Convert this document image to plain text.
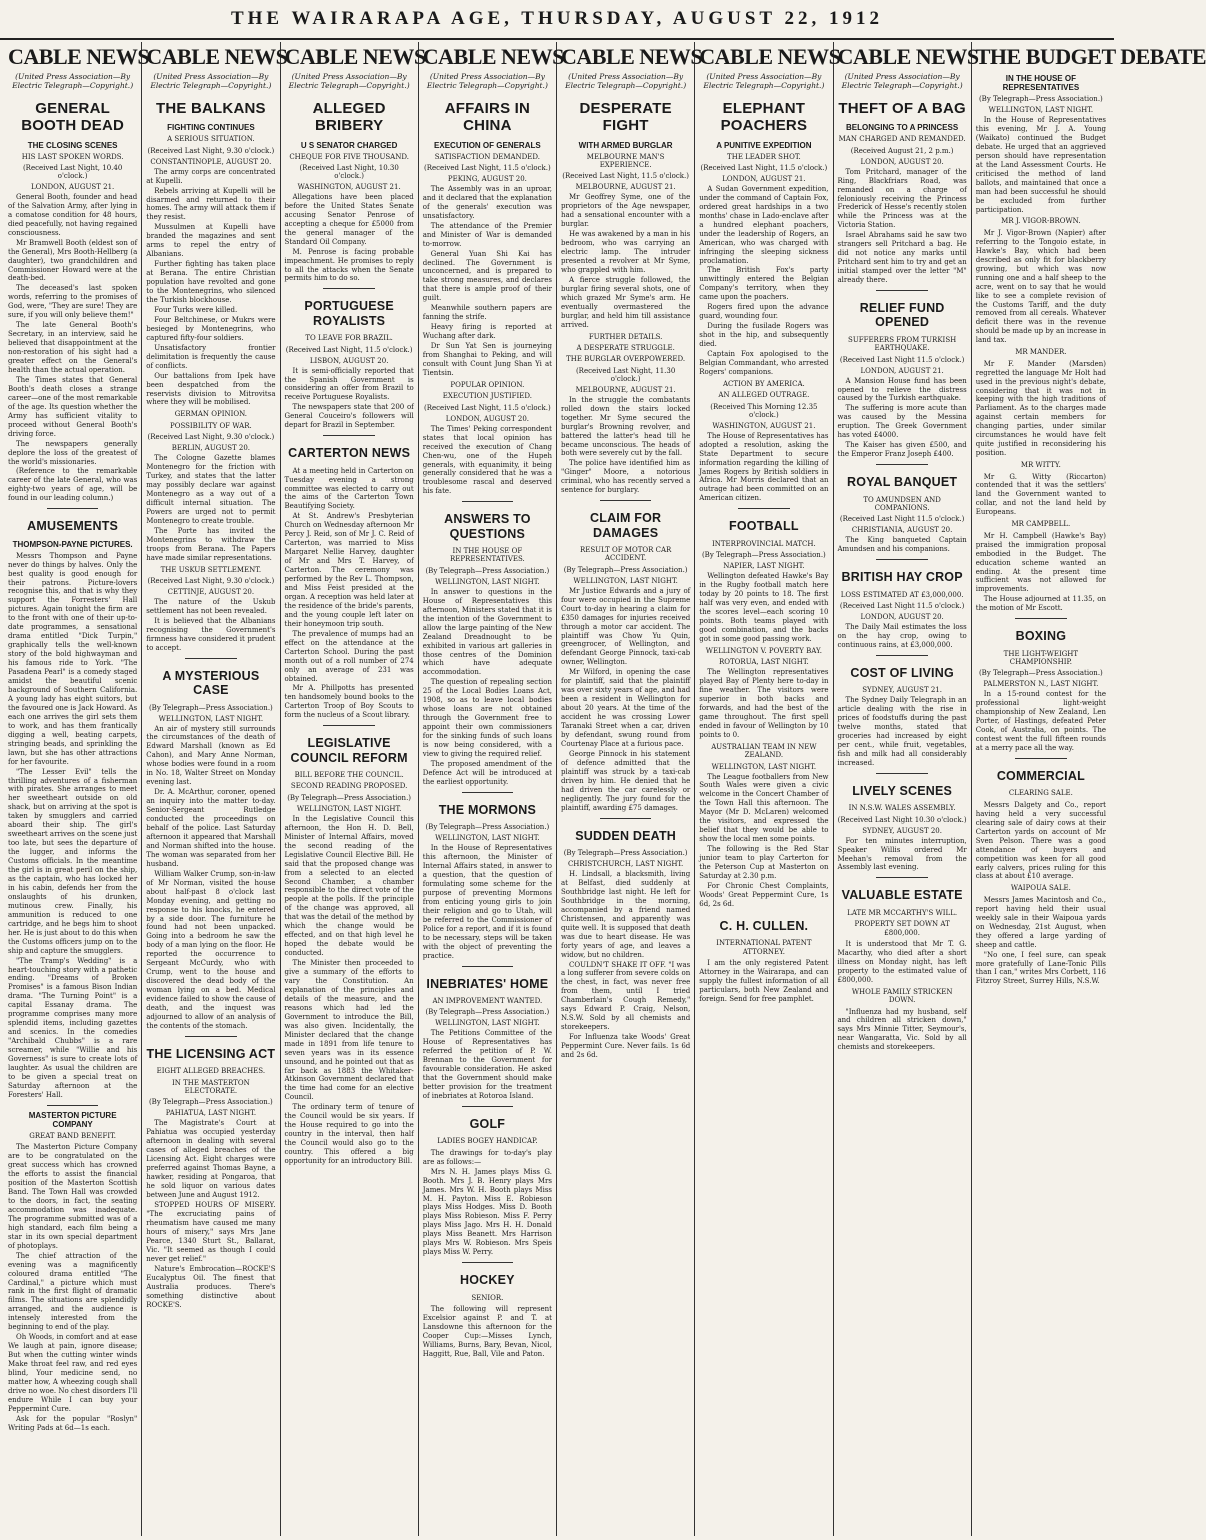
THE WAIRARAPA AGE, THURSDAY, AUGUST 22, 1912
CABLE NEWS
(United Press Association—By Electric Telegraph—Copyright.)
GENERAL BOOTH DEAD
THE CLOSING SCENES
HIS LAST SPOKEN WORDS.
(Received Last Night, 10.40 o'clock.)
LONDON, AUGUST 21.
General Booth, founder and head of the Salvation Army, after lying in a comatose condition for 48 hours, died peacefully, not having regained consciousness.
Mr Bramwell Booth (eldest son of the General), Mrs Booth-Hellberg (a daughter), two grandchildren and Commissioner Howard were at the death-bed.
The deceased's last spoken words, referring to the promises of God, were, "They are sure! They are sure, if you will only believe them!"
The late General Booth's Secretary, in an interview, said he believed that disappointment at the non-restoration of his sight had a greater effect on the General's health than the actual operation.
The Times states that General Booth's death closes a strange career—one of the most remarkable of the age. Its question whether the Army has sufficient vitality to proceed without General Booth's driving force.
The newspapers generally deplore the loss of the greatest of the world's missionaries.
(Reference to the remarkable career of the late General, who was eighty-two years of age, will be found in our leading column.)
AMUSEMENTS
THOMPSON-PAYNE PICTURES.
Messrs Thompson and Payne never do things by halves. Only the best quality is good enough for their patrons. Picture-lovers recognise this, and that is why they support the Forresters' Hall pictures. Again tonight the firm are to the front with one of their up-to-date programmes, a sensational drama entitled "Dick Turpin," graphically tells the well-known story of the bold highwayman and his famous ride to York. "The Pasadena Pearl" is a comedy staged amidst the beautiful scenic background of Southern California. A young lady has eight suitors, but the favoured one is Jack Howard. As each one arrives the girl sets them to work, and has them frantically digging a well, beating carpets, stringing beads, and sprinkling the lawn, but she has other attractions for her favourite.
"The Lesser Evil" tells the thrilling adventures of a fisherman with pirates. She arranges to meet her sweetheart outside on old shack, but on arriving at the spot is taken by smugglers and carried aboard their ship. The girl's sweetheart arrives on the scene just too late, but sees the departure of the lugger, and informs the Customs officials. In the meantime the girl is in great peril on the ship, as the captain, who has locked her in his cabin, defends her from the onslaughts of his drunken, mutinous crew. Finally, his ammunition is reduced to one cartridge, and he begs him to shoot her. He is just about to do this when the Customs officers jump on to the ship and capture the smugglers.
"The Tramp's Wedding" is a heart-touching story with a pathetic ending. "Dreams of Broken Promises" is a famous Bison Indian drama. "The Turning Point" is a capital Essanay drama. The programme comprises many more splendid items, including gazettes and scenics. In the comedies "Archibald Chubbs" is a rare screamer, while "Willie and his Governess" is sure to create lots of laughter. As usual the children are to be given a special treat on Saturday afternoon at the Foresters' Hall.
MASTERTON PICTURE COMPANY
GREAT BAND BENEFIT.
The Masterton Picture Company are to be congratulated on the great success which has crowned the efforts to assist the financial position of the Masterton Scottish Band. The Town Hall was crowded to the doors, in fact, the seating accommodation was inadequate. The programme submitted was of a high standard, each film being a star in its own special department of photoplays.
The chief attraction of the evening was a magnificently coloured drama entitled "The Cardinal," a picture which must rank in the first flight of dramatic films. The situations are splendidly arranged, and the audience is intensely interested from the beginning to end of the play.
Oh Woods, in comfort and at ease We laugh at pain, ignore disease; But when the cutting winter winds Make throat feel raw, and red eyes blind, Your medicine send, no matter how, A wheezing cough shall drive no woe. No chest disorders I'll endure While I can buy your Peppermint Cure.
Ask for the popular "Roslyn" Writing Pads at 6d—1s each.
CABLE NEWS
(United Press Association—By Electric Telegraph—Copyright.)
THE BALKANS
FIGHTING CONTINUES
A SERIOUS SITUATION.
(Received Last Night, 9.30 o'clock.)
CONSTANTINOPLE, AUGUST 20.
The army corps are concentrated at Kupelli.
Rebels arriving at Kupelli will be disarmed and returned to their homes. The army will attack them if they resist.
Mussulmen at Kupelli have branded the magazines and sent arms to repel the entry of Albanians.
Further fighting has taken place at Berana. The entire Christian population have revolted and gone to the Montenegrins, who silenced the Turkish blockhouse.
Four Turks were killed.
Four Beltchinese, or Mukrs were besieged by Montenegrins, who captured fifty-four soldiers.
Unsatisfactory frontier delimitation is frequently the cause of conflicts.
Our battalions from Ipek have been despatched from the reservists division to Mitrovitsa where they will be mobilised.
GERMAN OPINION.
POSSIBILITY OF WAR.
(Received Last Night, 9.30 o'clock.)
BERLIN, AUGUST 20.
The Cologne Gazette blames Montenegro for the friction with Turkey, and states that the latter may possibly declare war against Montenegro as a way out of a difficult internal situation. The Powers are urged not to permit Montenegro to create trouble.
The Porte has invited the Montenegrins to withdraw the troops from Berana. The Papers have made similar representations.
THE USKUB SETTLEMENT.
(Received Last Night, 9.30 o'clock.)
CETTINJE, AUGUST 20.
The nature of the Uskub settlement has not been revealed.
It is believed that the Albanians recognising the Government's firmness have considered it prudent to accept.
A MYSTERIOUS CASE
(By Telegraph—Press Association.)
WELLINGTON, LAST NIGHT.
An air of mystery still surrounds the circumstances of the death of Edward Marshall (known as Ed Cahon), and Mary Anne Norman, whose bodies were found in a room in No. 18, Walter Street on Monday evening last.
Dr. A. McArthur, coroner, opened an inquiry into the matter to-day. Senior-Sergeant Rutledge conducted the proceedings on behalf of the police. Last Saturday afternoon it appeared that Marshall and Norman shifted into the house. The woman was separated from her husband.
William Walker Crump, son-in-law of Mr Norman, visited the house about half-past 8 o'clock last Monday evening, and getting no response to his knocks, he entered by a side door. The furniture he found had not been unpacked. Going into a bedroom he saw the body of a man lying on the floor. He reported the occurrence to Sergeant McCurdy, who with Crump, went to the house and discovered the dead body of the woman lying on a bed. Medical evidence failed to show the cause of death, and the inquest was adjourned to allow of an analysis of the contents of the stomach.
THE LICENSING ACT
EIGHT ALLEGED BREACHES.
IN THE MASTERTON ELECTORATE.
(By Telegraph—Press Association.)
PAHIATUA, LAST NIGHT.
The Magistrate's Court at Pahiatua was occupied yesterday afternoon in dealing with several cases of alleged breaches of the Licensing Act. Eight charges were preferred against Thomas Bayne, a hawker, residing at Pongaroa, that he sold liquor on various dates between June and August 1912.
STOPPED HOURS OF MISERY. "The excruciating pains of rheumatism have caused me many hours of misery," says Mrs Jane Pearce, 1340 Sturt St., Ballarat, Vic. "It seemed as though I could never get relief."
Nature's Embrocation—ROCKE'S Eucalyptus Oil. The finest that Australia produces. There's something distinctive about ROCKE'S.
CABLE NEWS
(United Press Association—By Electric Telegraph—Copyright.)
ALLEGED BRIBERY
U S SENATOR CHARGED
CHEQUE FOR FIVE THOUSAND.
(Received Last Night, 10.30 o'clock.)
WASHINGTON, AUGUST 21.
Allegations have been placed before the United States Senate accusing Senator Penrose of accepting a cheque for £5000 from the general manager of the Standard Oil Company.
M. Penrose is facing probable impeachment. He promises to reply to all the attacks when the Senate permits him to do so.
PORTUGUESE ROYALISTS
TO LEAVE FOR BRAZIL.
(Received Last Night, 11.5 o'clock.)
LISBON, AUGUST 20.
It is semi-officially reported that the Spanish Government is considering an offer from Brazil to receive Portuguese Royalists.
The newspapers state that 200 of General Couceiro's followers will depart for Brazil in September.
CARTERTON NEWS
At a meeting held in Carterton on Tuesday evening a strong committee was elected to carry out the aims of the Carterton Town Beautifying Society.
At St. Andrew's Presbyterian Church on Wednesday afternoon Mr Percy J. Reid, son of Mr J. C. Reid of Carterton, was married to Miss Margaret Nellie Harvey, daughter of Mr and Mrs T. Harvey, of Carterton. The ceremony was performed by the Rev L. Thompson, and Miss Feist presided at the organ. A reception was held later at the residence of the bride's parents, and the young couple left later on their honeymoon trip south.
The prevalence of mumps had an effect on the attendance at the Carterton School. During the past month out of a roll number of 274 only an average of 231 was obtained.
Mr A. Phillpotts has presented ten handsomely bound books to the Carterton Troop of Boy Scouts to form the nucleus of a Scout library.
LEGISLATIVE COUNCIL REFORM
BILL BEFORE THE COUNCIL.
SECOND READING PROPOSED.
(By Telegraph—Press Association.)
WELLINGTON, LAST NIGHT.
In the Legislative Council this afternoon, the Hon H. D. Bell, Minister of Internal Affairs, moved the second reading of the Legislative Council Elective Bill. He said that the proposed change was from a selected to an elected Second Chamber, a chamber responsible to the direct vote of the people at the polls. If the principle of the change was approved, all that was the detail of the method by which the change would be effected, and on that high level he hoped the debate would be conducted.
The Minister then proceeded to give a summary of the efforts to vary the Constitution. An explanation of the principles and details of the measure, and the reasons which had led the Government to introduce the Bill, was also given. Incidentally, the Minister declared that the change made in 1891 from life tenure to seven years was in its essence unsound, and he pointed out that as far back as 1883 the Whitaker-Atkinson Government declared that the time had come for an elective Council.
The ordinary term of tenure of the Council would be six years. If the House required to go into the country in the interval, then half the Council would also go to the country. This offered a big opportunity for an introductory Bill.
CABLE NEWS
(United Press Association—By Electric Telegraph—Copyright.)
AFFAIRS IN CHINA
EXECUTION OF GENERALS
SATISFACTION DEMANDED.
(Received Last Night, 11.5 o'clock.)
PEKING, AUGUST 20.
The Assembly was in an uproar, and it declared that the explanation of the generals' execution was unsatisfactory.
The attendance of the Premier and Minister of War is demanded to-morrow.
General Yuan Shi Kai has declined. The Government is unconcerned, and is prepared to take strong measures, and declares that there is ample proof of their guilt.
Meanwhile southern papers are fanning the strife.
Heavy firing is reported at Wuchang after dark.
Dr Sun Yat Sen is journeying from Shanghai to Peking, and will consult with Count Jung Shan Yi at Tientsin.
POPULAR OPINION.
EXECUTION JUSTIFIED.
(Received Last Night, 11.5 o'clock.)
LONDON, AUGUST 20.
The Times' Peking correspondent states that local opinion has received the execution of Chang Chen-wu, one of the Hupeh generals, with equanimity, it being generally considered that he was a troublesome rascal and deserved his fate.
ANSWERS TO QUESTIONS
IN THE HOUSE OF REPRESENTATIVES.
(By Telegraph—Press Association.)
WELLINGTON, LAST NIGHT.
In answer to questions in the House of Representatives this afternoon, Ministers stated that it is the intention of the Government to allow the large painting of the New Zealand Dreadnought to be exhibited in various art galleries in those centres of the Dominion which have adequate accommodation.
The question of repealing section 25 of the Local Bodies Loans Act, 1908, so as to leave local bodies whose loans are not obtained through the Government free to appoint their own commissioners for the sinking funds of such loans is now being considered, with a view to giving the required relief.
The proposed amendment of the Defence Act will be introduced at the earliest opportunity.
THE MORMONS
(By Telegraph—Press Association.)
WELLINGTON, LAST NIGHT.
In the House of Representatives this afternoon, the Minister of Internal Affairs stated, in answer to a question, that the question of formulating some scheme for the purpose of preventing Mormons from enticing young girls to join their religion and go to Utah, will be referred to the Commissioner of Police for a report, and if it is found to be necessary, steps will be taken with the object of preventing the practice.
INEBRIATES' HOME
AN IMPROVEMENT WANTED.
(By Telegraph—Press Association.)
WELLINGTON, LAST NIGHT.
The Petitions Committee of the House of Representatives has referred the petition of P. W. Brennan to the Government for favourable consideration. He asked that the Government should make better provision for the treatment of inebriates at Rotoroa Island.
GOLF
LADIES BOGEY HANDICAP.
The drawings for to-day's play are as follows:—
Mrs N. H. James plays Miss G. Booth. Mrs J. B. Henry plays Mrs James. Mrs W. H. Booth plays Miss M. H. Payton. Miss E. Robieson plays Miss Hodges. Miss D. Booth plays Miss Robieson. Miss F. Perry plays Miss Jago. Mrs H. H. Donald plays Miss Beanett. Mrs Harrison plays Mrs W. Robieson. Mrs Speis plays Miss W. Perry.
HOCKEY
SENIOR.
The following will represent Excelsior against P. and T. at Lansdowne this afternoon for the Cooper Cup:—Misses Lynch, Williams, Burns, Bary, Bevan, Nicol, Haggitt, Rue, Ball, Vile and Paton.
CABLE NEWS
(United Press Association—By Electric Telegraph—Copyright.)
DESPERATE FIGHT
WITH ARMED BURGLAR
MELBOURNE MAN'S EXPERIENCE.
(Received Last Night, 11.5 o'clock.)
MELBOURNE, AUGUST 21.
Mr Geoffrey Syme, one of the proprietors of the Age newspaper, had a sensational encounter with a burglar.
He was awakened by a man in his bedroom, who was carrying an electric lamp. The intruder presented a revolver at Mr Syme, who grappled with him.
A fierce struggle followed, the burglar firing several shots, one of which grazed Mr Syme's arm. He eventually overmastered the burglar, and held him till assistance arrived.
FURTHER DETAILS.
A DESPERATE STRUGGLE.
THE BURGLAR OVERPOWERED.
(Received Last Night, 11.30 o'clock.)
MELBOURNE, AUGUST 21.
In the struggle the combatants rolled down the stairs locked together. Mr Syme secured the burglar's Browning revolver, and battered the latter's head till he became unconscious. The heads of both were severely cut by the fall.
The police have identified him as "Ginger" Moore, a notorious criminal, who has recently served a sentence for burglary.
CLAIM FOR DAMAGES
RESULT OF MOTOR CAR ACCIDENT.
(By Telegraph—Press Association.)
WELLINGTON, LAST NIGHT.
Mr Justice Edwards and a jury of four were occupied in the Supreme Court to-day in hearing a claim for £350 damages for injuries received through a motor car accident. The plaintiff was Chow Yu Quin, greengrocer, of Wellington, and defendant George Pinnock, taxi-cab owner, Wellington.
Mr Wilford, in opening the case for plaintiff, said that the plaintiff was over sixty years of age, and had been a resident in Wellington for about 20 years. At the time of the accident he was crossing Lower Taranaki Street when a car, driven by defendant, swung round from Courtenay Place at a furious pace.
George Pinnock in his statement of defence admitted that the plaintiff was struck by a taxi-cab driven by him. He denied that he had driven the car carelessly or negligently. The jury found for the plaintiff, awarding £75 damages.
SUDDEN DEATH
(By Telegraph—Press Association.)
CHRISTCHURCH, LAST NIGHT.
H. Lindsall, a blacksmith, living at Belfast, died suddenly at Southbridge last night. He left for Southbridge in the morning, accompanied by a friend named Christensen, and apparently was quite well. It is supposed that death was due to heart disease. He was forty years of age, and leaves a widow, but no children.
COULDN'T SHAKE IT OFF. "I was a long sufferer from severe colds on the chest, in fact, was never free from them, until I tried Chamberlain's Cough Remedy," says Edward P. Craig, Nelson, N.S.W. Sold by all chemists and storekeepers.
For Influenza take Woods' Great Peppermint Cure. Never fails. 1s 6d and 2s 6d.
CABLE NEWS
(United Press Association—By Electric Telegraph—Copyright.)
ELEPHANT POACHERS
A PUNITIVE EXPEDITION
THE LEADER SHOT.
(Received Last Night, 11.5 o'clock.)
LONDON, AUGUST 21.
A Sudan Government expedition, under the command of Captain Fox, ordered great hardships in a two months' chase in Lado-enclave after a hundred elephant poachers, under the leadership of Rogers, an American, who was charged with infringing the sleeping sickness proclamation.
The British Fox's party unwittingly entered the Belgian Company's territory, when they came upon the poachers.
Rogers fired upon the advance guard, wounding four.
During the fusilade Rogers was shot in the hip, and subsequently died.
Captain Fox apologised to the Belgian Commandant, who arrested Rogers' companions.
ACTION BY AMERICA.
AN ALLEGED OUTRAGE.
(Received This Morning 12.35 o'clock.)
WASHINGTON, AUGUST 21.
The House of Representatives has adopted a resolution, asking the State Department to secure information regarding the killing of James Rogers by British soldiers in Africa. Mr Morris declared that an outrage had been committed on an American citizen.
FOOTBALL
INTERPROVINCIAL MATCH.
(By Telegraph—Press Association.)
NAPIER, LAST NIGHT.
Wellington defeated Hawke's Bay in the Rugby football match here today by 20 points to 18. The first half was very even, and ended with the scores level—each scoring 10 points. Both teams played with good combination, and the backs got in some good passing work.
WELLINGTON V. POVERTY BAY.
ROTORUA, LAST NIGHT.
The Wellington representatives played Bay of Plenty here to-day in fine weather. The visitors were superior in both backs and forwards, and had the best of the game throughout. The first spell ended in favour of Wellington by 10 points to 0.
AUSTRALIAN TEAM IN NEW ZEALAND.
WELLINGTON, LAST NIGHT.
The League footballers from New South Wales were given a civic welcome in the Concert Chamber of the Town Hall this afternoon. The Mayor (Mr D. McLaren) welcomed the visitors, and expressed the belief that they would be able to show the local men some points.
The following is the Red Star junior team to play Carterton for the Peterson Cup at Masterton on Saturday at 2.30 p.m.
For Chronic Chest Complaints, Woods' Great Peppermint Cure, 1s 6d, 2s 6d.
C. H. CULLEN.
INTERNATIONAL PATENT ATTORNEY.
I am the only registered Patent Attorney in the Wairarapa, and can supply the fullest information of all particulars, both New Zealand and foreign. Send for free pamphlet.
CABLE NEWS
(United Press Association—By Electric Telegraph—Copyright.)
THEFT OF A BAG
BELONGING TO A PRINCESS
MAN CHARGED AND REMANDED.
(Received August 21, 2 p.m.)
LONDON, AUGUST 20.
Tom Pritchard, manager of the Ring, Blackfriars Road, was remanded on a charge of feloniously receiving the Princess Frederick of Hesse's recently stolen while the Princess was at the Victoria Station.
Israel Abrahams said he saw two strangers sell Pritchard a bag. He did not notice any marks until Pritchard sent him to try and get an initial stamped over the letter "M" already there.
RELIEF FUND OPENED
SUFFERERS FROM TURKISH EARTHQUAKE.
(Received Last Night 11.5 o'clock.)
LONDON, AUGUST 21.
A Mansion House fund has been opened to relieve the distress caused by the Turkish earthquake.
The suffering is more acute than was caused by the Messina eruption. The Greek Government has voted £4000.
The Kaiser has given £500, and the Emperor Franz Joseph £400.
ROYAL BANQUET
TO AMUNDSEN AND COMPANIONS.
(Received Last Night 11.5 o'clock.)
CHRISTIANIA, AUGUST 20.
The King banqueted Captain Amundsen and his companions.
BRITISH HAY CROP
LOSS ESTIMATED AT £3,000,000.
(Received Last Night 11.5 o'clock.)
LONDON, AUGUST 20.
The Daily Mail estimates the loss on the hay crop, owing to continuous rains, at £3,000,000.
COST OF LIVING
SYDNEY, AUGUST 21.
The Sydney Daily Telegraph in an article dealing with the rise in prices of foodstuffs during the past twelve months, stated that groceries had increased by eight per cent., while fruit, vegetables, fish and milk had all considerably increased.
LIVELY SCENES
IN N.S.W. WALES ASSEMBLY.
(Received Last Night 10.30 o'clock.)
SYDNEY, AUGUST 20.
For ten minutes interruption, Speaker Willis ordered Mr Meehan's removal from the Assembly last evening.
VALUABLE ESTATE
LATE MR MCCARTHY'S WILL.
PROPERTY SET DOWN AT £800,000.
It is understood that Mr T. G. Macarthy, who died after a short illness on Monday night, has left property to the estimated value of £800,000.
WHOLE FAMILY STRICKEN DOWN.
"Influenza had my husband, self and children all stricken down," says Mrs Minnie Titter, Seymour's, near Wangaratta, Vic. Sold by all chemists and storekeepers.
THE BUDGET DEBATE
IN THE HOUSE OF REPRESENTATIVES
(By Telegraph—Press Association.)
WELLINGTON, LAST NIGHT.
In the House of Representatives this evening, Mr J. A. Young (Waikato) continued the Budget debate. He urged that an aggrieved person should have representation at the Land Assessment Courts. He criticised the method of land ballots, and maintained that once a man had been successful he should be excluded from further participation.
MR J. VIGOR-BROWN.
Mr J. Vigor-Brown (Napier) after referring to the Tongoio estate, in Hawke's Bay, which had been described as only fit for blackberry growing, but which was now running one and a half sheep to the acre, went on to say that he would like to see a complete revision of the Customs Tariff, and the duty removed from all cereals. Whatever deficit there was in the revenue should be made up by an increase in land tax.
MR MANDER.
Mr F. Mander (Marsden) regretted the language Mr Holt had used in the previous night's debate, considering that it was not in keeping with the high traditions of Parliament. As to the charges made against certain members for changing parties, under similar circumstances he would have felt quite justified in reconsidering his position.
MR WITTY.
Mr G. Witty (Riccarton) contended that it was the settlers' land the Government wanted to collar, and not the land held by Europeans.
MR CAMPBELL.
Mr H. Campbell (Hawke's Bay) praised the immigration proposal embodied in the Budget. The education scheme wanted an ending. At the present time sufficient was not allowed for improvements.
The House adjourned at 11.35, on the motion of Mr Escott.
BOXING
THE LIGHT-WEIGHT CHAMPIONSHIP.
(By Telegraph—Press Association.)
PALMERSTON N., LAST NIGHT.
In a 15-round contest for the professional light-weight championship of New Zealand, Len Porter, of Hastings, defeated Peter Cook, of Australia, on points. The contest went the full fifteen rounds at a merry pace all the way.
COMMERCIAL
CLEARING SALE.
Messrs Dalgety and Co., report having held a very successful clearing sale of dairy cows at their Carterton yards on account of Mr Sven Pelson. There was a good attendance of buyers and competition was keen for all good early calvers, prices ruling for this class at about £10 average.
WAIPOUA SALE.
Messrs James Macintosh and Co., report having held their usual weekly sale in their Waipoua yards on Wednesday, 21st August, when they offered a large yarding of sheep and cattle.
"No one, I feel sure, can speak more gratefully of Lane-Tonic Pills than I can," writes Mrs Corbett, 116 Fitzroy Street, Surrey Hills, N.S.W.
